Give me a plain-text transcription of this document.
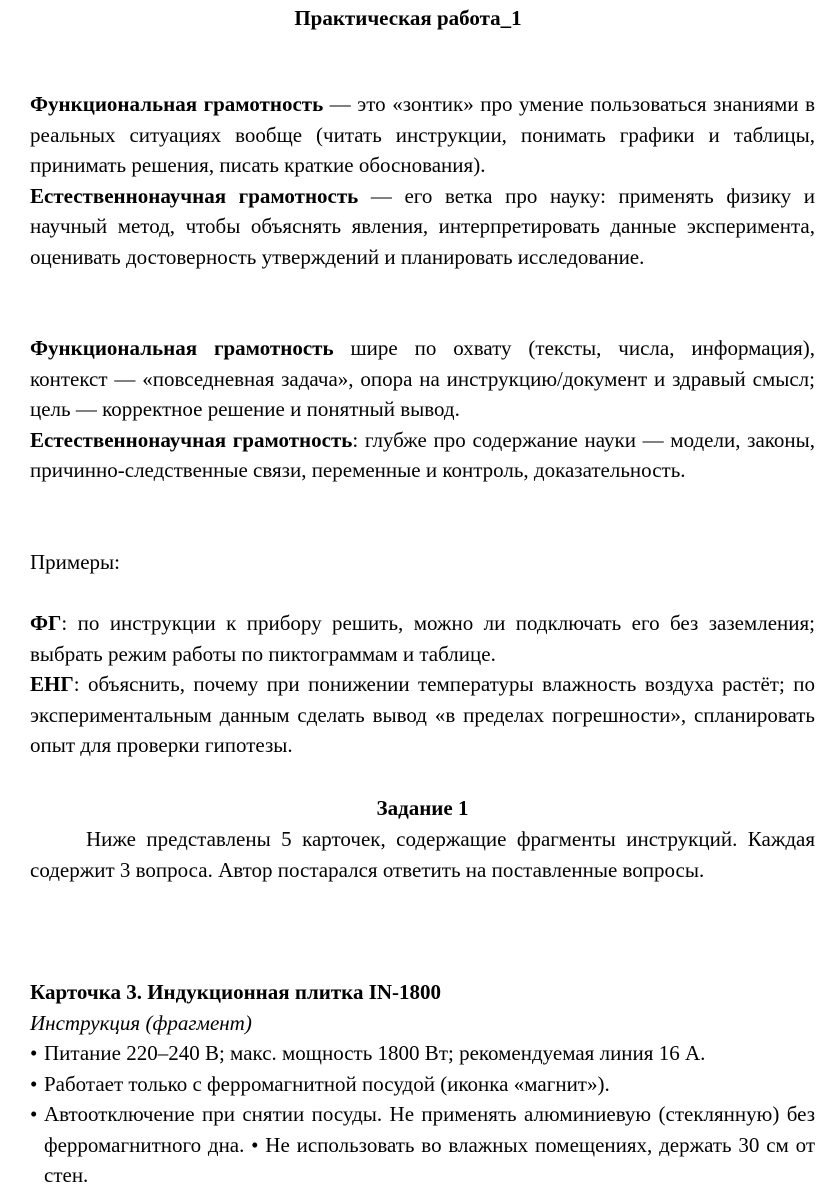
Практическая работа_1
Функциональная грамотность — это «зонтик» про умение пользоваться знаниями в реальных ситуациях вообще (читать инструкции, понимать графики и таблицы, принимать решения, писать краткие обоснования).
Естественнонаучная грамотность — его ветка про науку: применять физику и научный метод, чтобы объяснять явления, интерпретировать данные эксперимента, оценивать достоверность утверждений и планировать исследование.
Функциональная грамотность шире по охвату (тексты, числа, информация), контекст — «повседневная задача», опора на инструкцию/документ и здравый смысл; цель — корректное решение и понятный вывод.
Естественнонаучная грамотность: глубже про содержание науки — модели, законы, причинно-следственные связи, переменные и контроль, доказательность.
Примеры:
ФГ: по инструкции к прибору решить, можно ли подключать его без заземления; выбрать режим работы по пиктограммам и таблице.
ЕНГ: объяснить, почему при понижении температуры влажность воздуха растёт; по экспериментальным данным сделать вывод «в пределах погрешности», спланировать опыт для проверки гипотезы.
Задание 1
Ниже представлены 5 карточек, содержащие фрагменты инструкций. Каждая содержит 3 вопроса. Автор постарался ответить на поставленные вопросы.
Карточка 3. Индукционная плитка IN-1800
Инструкция (фрагмент)
• Питание 220–240 В; макс. мощность 1800 Вт; рекомендуемая линия 16 А.
• Работает только с ферромагнитной посудой (иконка «магнит»).
• Автоотключение при снятии посуды. Не применять алюминиевую (стеклянную) без ферромагнитного дна. • Не использовать во влажных помещениях, держать 30 см от стен.
